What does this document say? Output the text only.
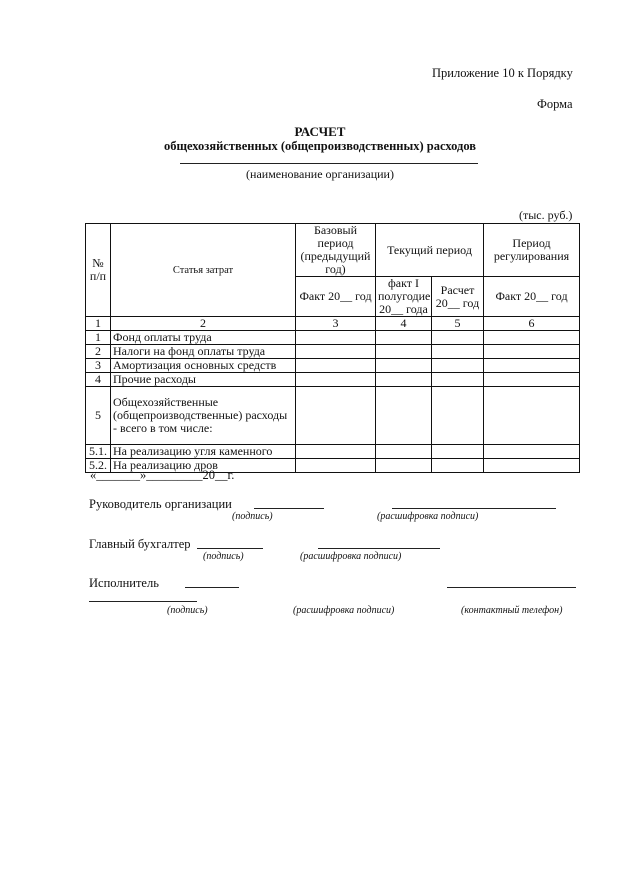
Приложение 10 к Порядку
Форма
РАСЧЕТ
общехозяйственных (общепроизводственных) расходов
(наименование организации)
(тыс. руб.)
№ п/п	Статья затрат	Базовый период (предыдущий год)	Текущий период		Период регулирования
		Факт 20__ год	факт I полугодие 20__ года	Расчет 20__ год	Факт 20__ год
1	2	3	4	5	6
1	Фонд оплаты труда				
2	Налоги на фонд оплаты труда				
3	Амортизация основных средств				
4	Прочие расходы				
5	Общехозяйственные (общепроизводственные) расходы - всего в том числе:				
5.1.	На реализацию угля каменного				
5.2.	На реализацию дров				
«_______»_________20__г.
Руководитель организации
(подпись)	(расшифровка подписи)
Главный бухгалтер
(подпись)	(расшифровка подписи)
Исполнитель
(подпись)	(расшифровка подписи)	(контактный телефон)
